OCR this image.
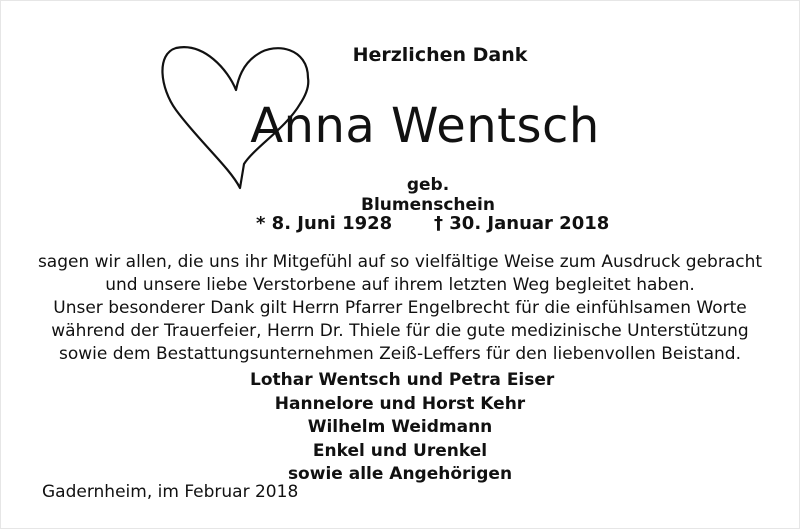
Herzlichen Dank
Anna Wentsch
geb. Blumenschein
* 8. Juni 1928 † 30. Januar 2018
sagen wir allen, die uns ihr Mitgefühl auf so vielfältige Weise zum Ausdruck gebracht
und unsere liebe Verstorbene auf ihrem letzten Weg begleitet haben.
Unser besonderer Dank gilt Herrn Pfarrer Engelbrecht für die einfühlsamen Worte
während der Trauerfeier, Herrn Dr. Thiele für die gute medizinische Unterstützung
sowie dem Bestattungsunternehmen Zeiß-Leffers für den liebenvollen Beistand.
Lothar Wentsch und Petra Eiser
Hannelore und Horst Kehr
Wilhelm Weidmann
Enkel und Urenkel
sowie alle Angehörigen
Gadernheim, im Februar 2018
